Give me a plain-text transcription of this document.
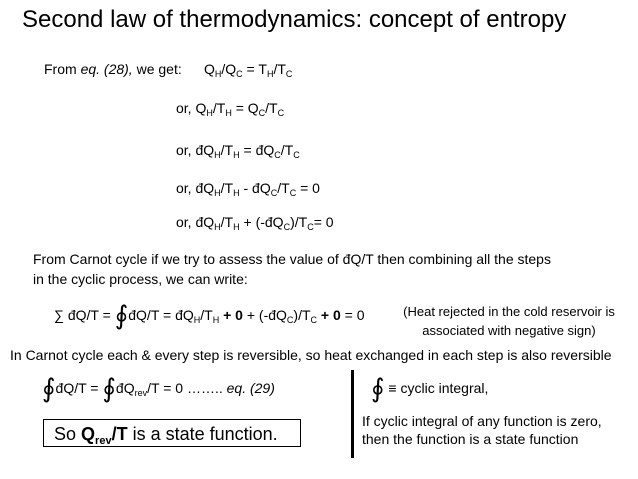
Second law of thermodynamics: concept of entropy
From eq. (28), we get: $Q_H/Q_C = T_H/T_C$
or, $Q_H/T_H = Q_C/T_C$
or, $đQ_H/T_H$ = $đQ_C/T_C$
or, $đQ_H/T_H$ - $đQ_C/T_C = 0$
or, $đQ_H/T_H$ + $(-đQ_C)/T_C= 0$
From Carnot cycle if we try to assess the value of đQ/T then combining all the steps
in the cyclic process, we can write:
∑ đQ/T = ∮đQ/T = $đQ_H/T_H + 0$ + $(-đQ_C)/T_C + 0 = 0$	(Heat rejected in the cold reservoir is
associated with negative sign)
In Carnot cycle each & every step is reversible, so heat exchanged in each step is also reversible
∮đQ/T = $∮đQ_{rev}/T = 0$ …….. eq. (29)	∮ ≡ cyclic integral,
So $Q_{rev}/T$ is a state function.
If cyclic integral of any function is zero,
then the function is a state function
